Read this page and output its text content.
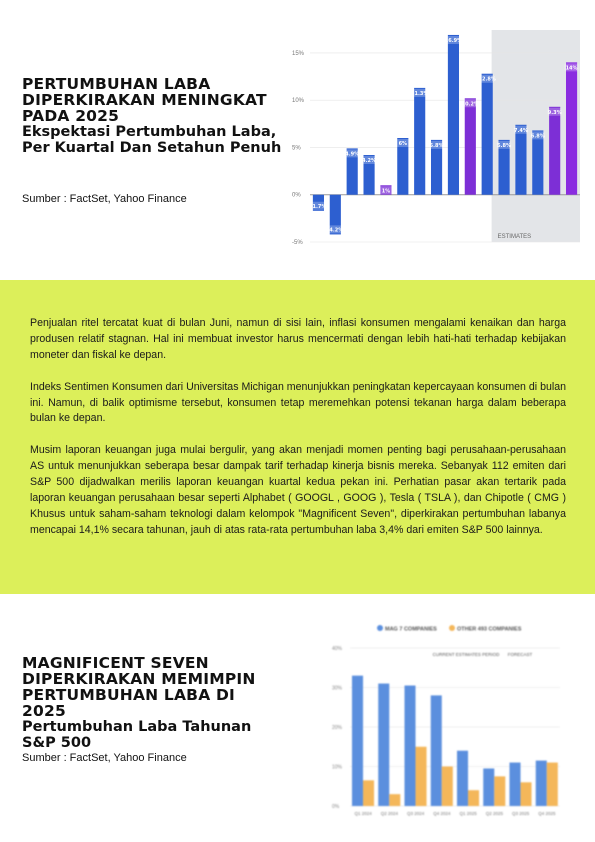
PERTUMBUHAN LABA DIPERKIRAKAN MENINGKAT PADA 2025
Ekspektasi Pertumbuhan Laba, Per Kuartal Dan Setahun Penuh
Sumber : FactSet, Yahoo Finance
ESTIMATES
15%
10%
5%
0%
-5%
-1.7%
-4.2%
4.9%
4.2%
1%
6%
11.3%
5.8%
16.9%
10.2%
12.8%
5.8%
7.4%
6.8%
9.3%
14%

Penjualan ritel tercatat kuat di bulan Juni, namun di sisi lain, inflasi konsumen mengalami kenaikan dan harga produsen relatif stagnan. Hal ini membuat investor harus mencermati dengan lebih hati-hati terhadap kebijakan moneter dan fiskal ke depan.

Indeks Sentimen Konsumen dari Universitas Michigan menunjukkan peningkatan kepercayaan konsumen di bulan ini. Namun, di balik optimisme tersebut, konsumen tetap meremehkan potensi tekanan harga dalam beberapa bulan ke depan.

Musim laporan keuangan juga mulai bergulir, yang akan menjadi momen penting bagi perusahaan-perusahaan AS untuk menunjukkan seberapa besar dampak tarif terhadap kinerja bisnis mereka. Sebanyak 112 emiten dari S&P 500 dijadwalkan merilis laporan keuangan kuartal kedua pekan ini. Perhatian pasar akan tertarik pada laporan keuangan perusahaan besar seperti Alphabet ( GOOGL , GOOG ), Tesla ( TSLA ), dan Chipotle ( CMG ) Khusus untuk saham-saham teknologi dalam kelompok "Magnificent Seven", diperkirakan pertumbuhan labanya mencapai 14,1% secara tahunan, jauh di atas rata-rata pertumbuhan laba 3,4% dari emiten S&P 500 lainnya.

MAGNIFICENT SEVEN DIPERKIRAKAN MEMIMPIN PERTUMBUHAN LABA DI 2025
Pertumbuhan Laba Tahunan S&P 500
Sumber : FactSet, Yahoo Finance
MAG 7 COMPANIES	OTHER 493 COMPANIES
CURRENT ESTIMATES PERIOD FORECAST
40%
30%
20%
10%
0%
Q1 2024 Q2 2024 Q3 2024 Q4 2024 Q1 2025 Q2 2025 Q3 2025 Q4 2025
